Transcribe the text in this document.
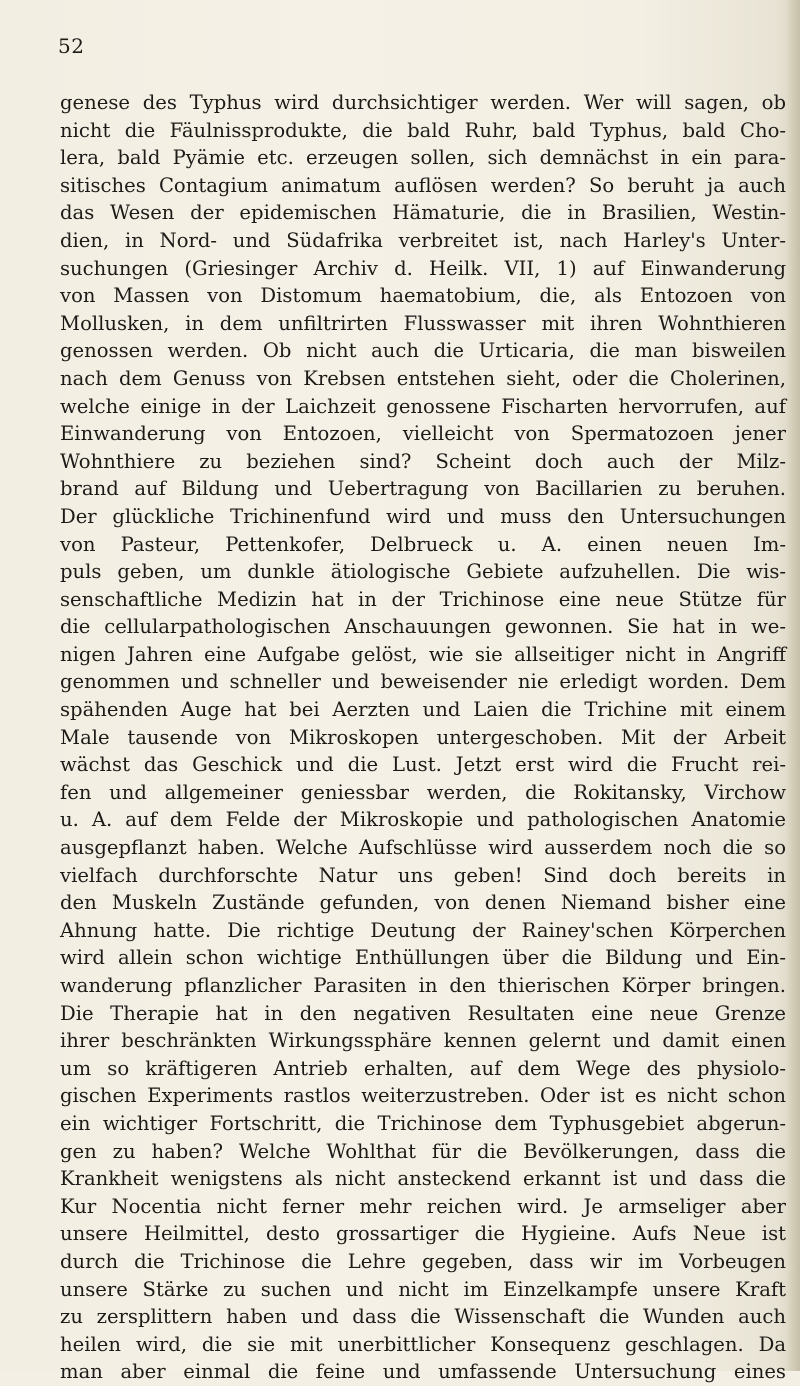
52
genese des Typhus wird durchsichtiger werden. Wer will sagen, ob
nicht die Fäulnissprodukte, die bald Ruhr, bald Typhus, bald Cho-
lera, bald Pyämie etc. erzeugen sollen, sich demnächst in ein para-
sitisches Contagium animatum auflösen werden? So beruht ja auch
das Wesen der epidemischen Hämaturie, die in Brasilien, Westin-
dien, in Nord- und Südafrika verbreitet ist, nach Harley's Unter-
suchungen (Griesinger Archiv d. Heilk. VII, 1) auf Einwanderung
von Massen von Distomum haematobium, die, als Entozoen von
Mollusken, in dem unfiltrirten Flusswasser mit ihren Wohnthieren
genossen werden. Ob nicht auch die Urticaria, die man bisweilen
nach dem Genuss von Krebsen entstehen sieht, oder die Cholerinen,
welche einige in der Laichzeit genossene Fischarten hervorrufen, auf
Einwanderung von Entozoen, vielleicht von Spermatozoen jener
Wohnthiere zu beziehen sind? Scheint doch auch der Milz-
brand auf Bildung und Uebertragung von Bacillarien zu beruhen.
Der glückliche Trichinenfund wird und muss den Untersuchungen
von Pasteur, Pettenkofer, Delbrueck u. A. einen neuen Im-
puls geben, um dunkle ätiologische Gebiete aufzuhellen. Die wis-
senschaftliche Medizin hat in der Trichinose eine neue Stütze für
die cellularpathologischen Anschauungen gewonnen. Sie hat in we-
nigen Jahren eine Aufgabe gelöst, wie sie allseitiger nicht in Angriff
genommen und schneller und beweisender nie erledigt worden. Dem
spähenden Auge hat bei Aerzten und Laien die Trichine mit einem
Male tausende von Mikroskopen untergeschoben. Mit der Arbeit
wächst das Geschick und die Lust. Jetzt erst wird die Frucht rei-
fen und allgemeiner geniessbar werden, die Rokitansky, Virchow
u. A. auf dem Felde der Mikroskopie und pathologischen Anatomie
ausgepflanzt haben. Welche Aufschlüsse wird ausserdem noch die so
vielfach durchforschte Natur uns geben! Sind doch bereits in
den Muskeln Zustände gefunden, von denen Niemand bisher eine
Ahnung hatte. Die richtige Deutung der Rainey'schen Körperchen
wird allein schon wichtige Enthüllungen über die Bildung und Ein-
wanderung pflanzlicher Parasiten in den thierischen Körper bringen.
Die Therapie hat in den negativen Resultaten eine neue Grenze
ihrer beschränkten Wirkungssphäre kennen gelernt und damit einen
um so kräftigeren Antrieb erhalten, auf dem Wege des physiolo-
gischen Experiments rastlos weiterzustreben. Oder ist es nicht schon
ein wichtiger Fortschritt, die Trichinose dem Typhusgebiet abgerun-
gen zu haben? Welche Wohlthat für die Bevölkerungen, dass die
Krankheit wenigstens als nicht ansteckend erkannt ist und dass die
Kur Nocentia nicht ferner mehr reichen wird. Je armseliger aber
unsere Heilmittel, desto grossartiger die Hygieine. Aufs Neue ist
durch die Trichinose die Lehre gegeben, dass wir im Vorbeugen
unsere Stärke zu suchen und nicht im Einzelkampfe unsere Kraft
zu zersplittern haben und dass die Wissenschaft die Wunden auch
heilen wird, die sie mit unerbittlicher Konsequenz geschlagen. Da
man aber einmal die feine und umfassende Untersuchung eines
